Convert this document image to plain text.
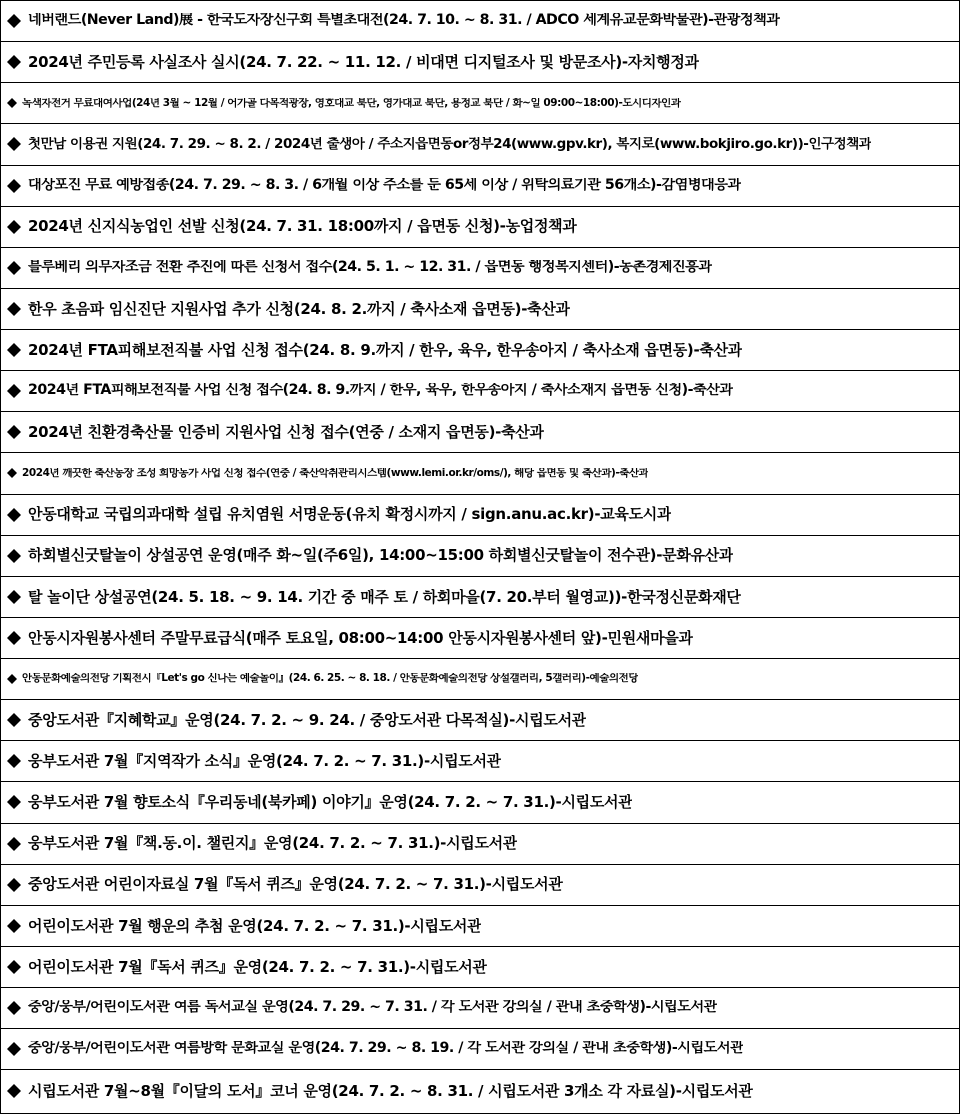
네버랜드(Never Land)展 - 한국도자장신구회 특별초대전(24. 7. 10. ~ 8. 31. / ADCO 세계유교문화박물관)-관광정책과
2024년 주민등록 사실조사 실시(24. 7. 22. ~ 11. 12. / 비대면 디지털조사 및 방문조사)-자치행정과
녹색자전거 무료대여사업(24년 3월 ~ 12월 / 어가골 다목적광장, 영호대교 북단, 영가대교 북단, 용정교 북단 / 화~일 09:00~18:00)-도시디자인과
첫만남 이용권 지원(24. 7. 29. ~ 8. 2. / 2024년 출생아 / 주소지읍면동or정부24(www.gpv.kr), 복지로(www.bokjiro.go.kr))-인구정책과
대상포진 무료 예방접종(24. 7. 29. ~ 8. 3. / 6개월 이상 주소를 둔 65세 이상 / 위탁의료기관 56개소)-감염병대응과
2024년 신지식농업인 선발 신청(24. 7. 31. 18:00까지 / 읍면동 신청)-농업정책과
블루베리 의무자조금 전환 추진에 따른 신청서 접수(24. 5. 1. ~ 12. 31. / 읍면동 행정복지센터)-농촌경제진흥과
한우 초음파 임신진단 지원사업 추가 신청(24. 8. 2.까지 / 축사소재 읍면동)-축산과
2024년 FTA피해보전직불 사업 신청 접수(24. 8. 9.까지 / 한우, 육우, 한우송아지 / 축사소재 읍면동)-축산과
2024년 FTA피해보전직불 사업 신청 접수(24. 8. 9.까지 / 한우, 육우, 한우송아지 / 축사소재지 읍면동 신청)-축산과
2024년 친환경축산물 인증비 지원사업 신청 접수(연중 / 소재지 읍면동)-축산과
2024년 깨끗한 축산농장 조성 희망농가 사업 신청 접수(연중 / 축산악취관리시스템(www.lemi.or.kr/oms/), 해당 읍면동 및 축산과)-축산과
안동대학교 국립의과대학 설립 유치염원 서명운동(유치 확정시까지 / sign.anu.ac.kr)-교육도시과
하회별신굿탈놀이 상설공연 운영(매주 화~일(주6일), 14:00~15:00 하회별신굿탈놀이 전수관)-문화유산과
탈 놀이단 상설공연(24. 5. 18. ~ 9. 14. 기간 중 매주 토 / 하회마을(7. 20.부터 월영교))-한국정신문화재단
안동시자원봉사센터 주말무료급식(매주 토요일, 08:00~14:00 안동시자원봉사센터 앞)-민원새마을과
안동문화예술의전당 기획전시『Let's go 신나는 예술놀이』(24. 6. 25. ~ 8. 18. / 안동문화예술의전당 상설갤러리, 5갤러리)-예술의전당
중앙도서관『지혜학교』운영(24. 7. 2. ~ 9. 24. / 중앙도서관 다목적실)-시립도서관
웅부도서관 7월『지역작가 소식』운영(24. 7. 2. ~ 7. 31.)-시립도서관
웅부도서관 7월 향토소식『우리동네(북카페) 이야기』운영(24. 7. 2. ~ 7. 31.)-시립도서관
웅부도서관 7월『책.동.이. 챌린지』운영(24. 7. 2. ~ 7. 31.)-시립도서관
중앙도서관 어린이자료실 7월『독서 퀴즈』운영(24. 7. 2. ~ 7. 31.)-시립도서관
어린이도서관 7월 행운의 추첨 운영(24. 7. 2. ~ 7. 31.)-시립도서관
어린이도서관 7월『독서 퀴즈』운영(24. 7. 2. ~ 7. 31.)-시립도서관
중앙/웅부/어린이도서관 여름 독서교실 운영(24. 7. 29. ~ 7. 31. / 각 도서관 강의실 / 관내 초중학생)-시립도서관
중앙/웅부/어린이도서관 여름방학 문화교실 운영(24. 7. 29. ~ 8. 19. / 각 도서관 강의실 / 관내 초중학생)-시립도서관
시립도서관 7월~8월『이달의 도서』코너 운영(24. 7. 2. ~ 8. 31. / 시립도서관 3개소 각 자료실)-시립도서관
